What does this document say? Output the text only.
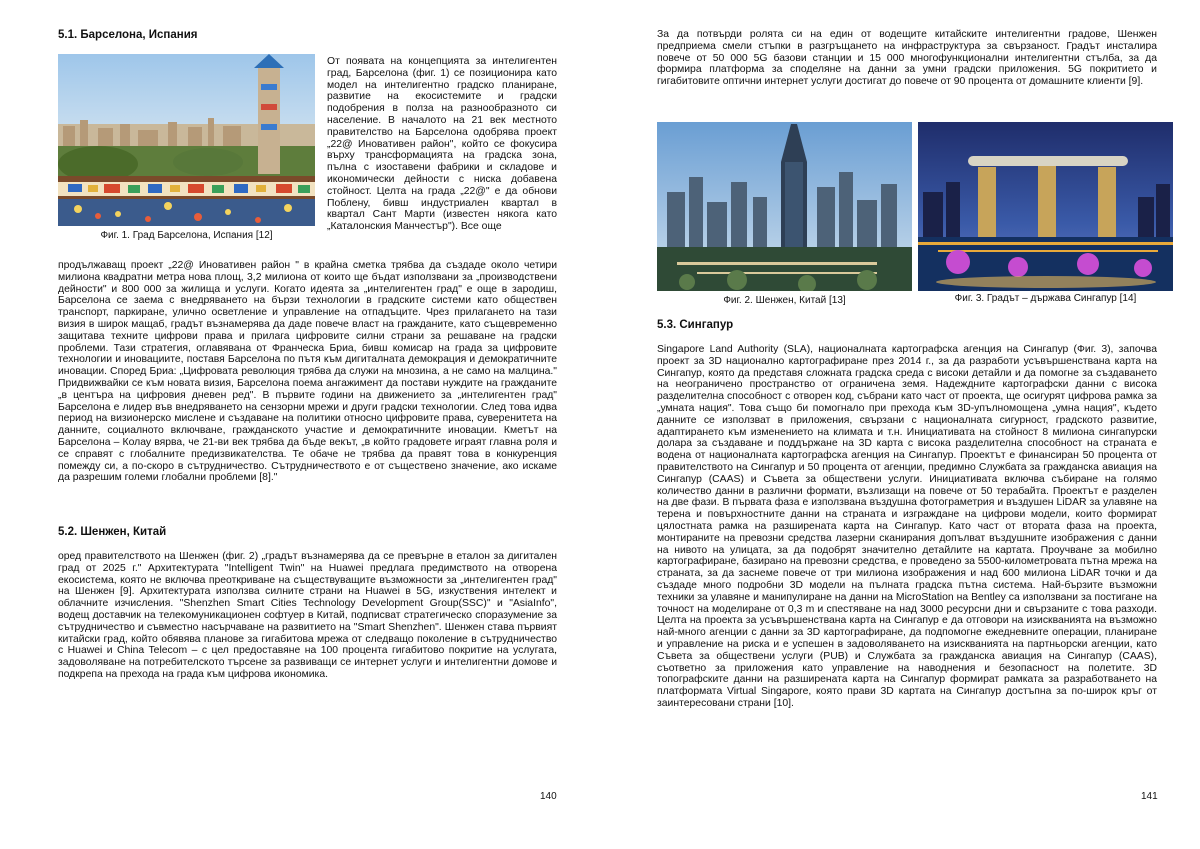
5.1. Барселона, Испания
Фиг. 1. Град Барселона, Испания [12]

От появата на концепцията за интелигентен град, Барселона (фиг. 1) се позиционира като модел на интелигентно градско планиране, развитие на екосистемите и градски подобрения в полза на разнообразното си население. В началото на 21 век местното правителство на Барселона одобрява проект „22@ Иновативен район", който се фокусира върху трансформацията на градска зона, пълна с изоставени фабрики и складове и икономически дейности с ниска добавена стойност. Целта на града „22@" е да обнови Поблену, бивш индустриален квартал в квартал Сант Марти (известен някога като „Каталонския Манчестър"). Все още

продължаващ проект „22@ Иновативен район " в крайна сметка трябва да създаде около четири милиона квадратни метра нова площ, 3,2 милиона от които ще бъдат използвани за „производствени дейности" и 800 000 за жилища и услуги. Когато идеята за „интелигентен град" е още в зародиш, Барселона се заема с внедряването на бързи технологии в градските системи като обществен транспорт, паркиране, улично осветление и управление на отпадъците. Чрез прилагането на тази визия в широк мащаб, градът възнамерява да даде повече власт на гражданите, като същевременно защитава техните цифрови права и прилага цифровите силни страни за решаване на градски проблеми. Тази стратегия, оглавявана от Франческа Бриа, бивш комисар на града за цифровите технологии и иновациите, поставя Барселона по пътя към дигиталната демокрация и демократичните иновации. Според Бриа: „Цифровата революция трябва да служи на мнозина, а не само на малцина." Придвижвайки се към новата визия, Барселона поема ангажимент да постави нуждите на гражданите „в центъра на цифровия дневен ред". В първите години на движението за „интелигентен град" Барселона е лидер във внедряването на сензорни мрежи и други градски технологии. След това идва период на визионерско мислене и създаване на политики относно цифровите права, суверенитета на данните, социалното включване, гражданското участие и демократичните иновации. Кметът на Барселона – Колау вярва, че 21-ви век трябва да бъде векът, „в който градовете играят главна роля и се справят с глобалните предизвикателства. Те обаче не трябва да правят това в конкуренция помежду си, а по-скоро в сътрудничество. Сътрудничеството е от съществено значение, ако искаме да разрешим големи глобални проблеми [8]."

5.2. Шенжен, Китай

оред правителството на Шенжен (фиг. 2) „градът възнамерява да се превърне в еталон за дигитален град от 2025 г." Архитектурата "Intelligent Twin" на Huawei предлага предимството на отворена екосистема, която не включва преоткриване на съществуващите възможности за „интелигентен град" на Шенжен [9]. Архитектурата използва силните страни на Huawei в 5G, изкуствения интелект и облачните изчисления. "Shenzhen Smart Cities Technology Development Group(SSC)" и "AsiaInfo", водещ доставчик на телекомуникационен софтуер в Китай, подписват стратегическо споразумение за сътрудничество и съвместно насърчаване на развитието на "Smart Shenzhen". Шенжен става първият китайски град, който обявява планове за гигабитова мрежа от следващо поколение в сътрудничество с Huawei и China Telecom – с цел предоставяне на 100 процента гигабитово покритие на услугата, задоволяване на потребителското търсене за развиващи се интернет услуги и интелигентни домове и подкрепа на прехода на града към цифрова икономика.

140

За да потвърди ролята си на един от водещите китайските интелигентни градове, Шенжен предприема смели стъпки в разгръщането на инфраструктура за свързаност. Градът инсталира повече от 50 000 5G базови станции и 15 000 многофункционални интелигентни стълба, за да формира платформа за споделяне на данни за умни градски приложения. 5G покритието и гигабитовите оптични интернет услуги достигат до повече от 90 процента от домашните клиенти [9].

Фиг. 2. Шенжен, Китай [13]	Фиг. 3. Градът – държава Сингапур [14]
5.3. Сингапур

Singapore Land Authority (SLA), националната картографска агенция на Сингапур (Фиг. 3), започва проект за 3D национално картографиране през 2014 г., за да разработи усъвършенствана карта на Сингапур, която да представя сложната градска среда с високи детайли и да помогне за създаването на неограничено пространство от ограничена земя. Надеждните картографски данни с висока разделителна способност с отворен код, събрани като част от проекта, ще осигурят цифрова рамка за „умната нация". Това също би помогнало при прехода към 3D-упълномощена „умна нация", където данните се използват в приложения, свързани с националната сигурност, градското развитие, адаптирането към изменението на климата и т.н. Инициативата на стойност 8 милиона сингапурски долара за създаване и поддържане на 3D карта с висока разделителна способност на страната е водена от националната картографска агенция на Сингапур. Проектът е финансиран 50 процента от правителството на Сингапур и 50 процента от агенции, предимно Службата за гражданска авиация на Сингапур (CAAS) и Съвета за обществени услуги. Инициативата включва събиране на голямо количество данни в различни формати, възлизащи на повече от 50 терабайта. Проектът е разделен на две фази. В първата фаза е използвана въздушна фотограметрия и въздушен LiDAR за улавяне на терена и повърхностните данни на страната и изграждане на цифрови модели, които формират цялостната рамка на разширената карта на Сингапур. Като част от втората фаза на проекта, монтираните на превозни средства лазерни сканирания допълват въздушните изображения с данни на нивото на улицата, за да подобрят значително детайлите на картата. Проучване за мобилно картографиране, базирано на превозни средства, е проведено за 5500-километровата пътна мрежа на страната, за да заснеме повече от три милиона изображения и над 600 милиона LiDAR точки и да създаде много подробни 3D модели на пълната градска пътна система. Най-бързите възможни техники за улавяне и манипулиране на данни на MicroStation на Bentley са използвани за постигане на точност на моделиране от 0,3 m и спестяване на над 3000 ресурсни дни и свързаните с това разходи. Целта на проекта за усъвършенствана карта на Сингапур е да отговори на изискванията на възможно най-много агенции с данни за 3D картографиране, да подпомогне ежедневните операции, планиране и управление на риска и е успешен в задоволяването на изискванията на партньорски агенции, като Съвета за обществени услуги (PUB) и Службата за гражданска авиация на Сингапур (CAAS), съответно за приложения като управление на наводнения и безопасност на полетите. 3D топографските данни на разширената карта на Сингапур формират рамката за разработването на платформата Virtual Singapore, която прави 3D картата на Сингапур достъпна за по-широк кръг от заинтересовани страни [10].

141
